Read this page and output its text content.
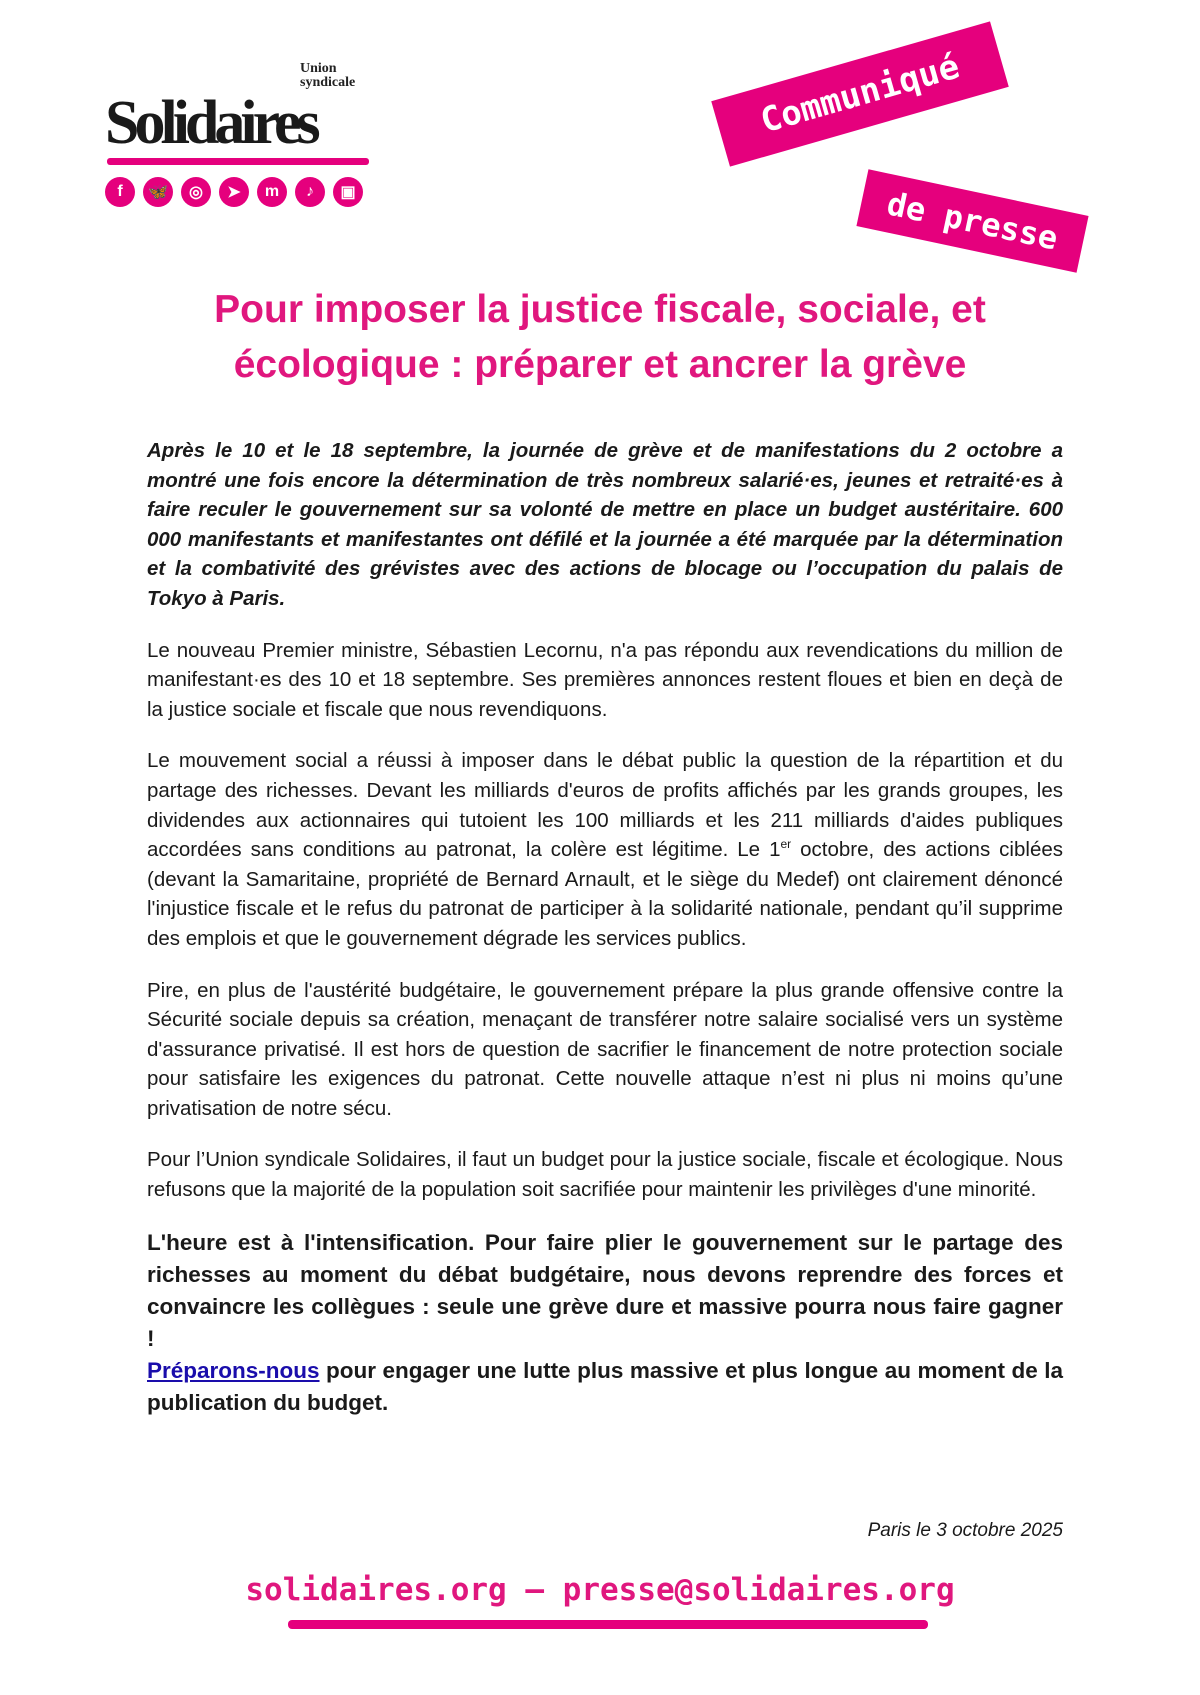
Union
syndicale
Solidaires
f	🦋	◎	➤	m	♪	▣
Communiqué
de presse
Pour imposer la justice fiscale, sociale, et
écologique : préparer et ancrer la grève

Après le 10 et le 18 septembre, la journée de grève et de manifestations du 2 octobre a montré une fois encore la détermination de très nombreux salarié·es, jeunes et retraité·es à faire reculer le gouvernement sur sa volonté de mettre en place un budget austéritaire. 600 000 manifestants et manifestantes ont défilé et la journée a été marquée par la détermination et la combativité des grévistes avec des actions de blocage ou l’occupation du palais de Tokyo à Paris.

Le nouveau Premier ministre, Sébastien Lecornu, n'a pas répondu aux revendications du million de manifestant·es des 10 et 18 septembre. Ses premières annonces restent floues et bien en deçà de la justice sociale et fiscale que nous revendiquons.

Le mouvement social a réussi à imposer dans le débat public la question de la répartition et du partage des richesses. Devant les milliards d'euros de profits affichés par les grands groupes, les dividendes aux actionnaires qui tutoient les 100 milliards et les 211 milliards d'aides publiques accordées sans conditions au patronat, la colère est légitime. Le 1er octobre, des actions ciblées (devant la Samaritaine, propriété de Bernard Arnault, et le siège du Medef) ont clairement dénoncé l'injustice fiscale et le refus du patronat de participer à la solidarité nationale, pendant qu’il supprime des emplois et que le gouvernement dégrade les services publics.

Pire, en plus de l'austérité budgétaire, le gouvernement prépare la plus grande offensive contre la Sécurité sociale depuis sa création, menaçant de transférer notre salaire socialisé vers un système d'assurance privatisé. Il est hors de question de sacrifier le financement de notre protection sociale pour satisfaire les exigences du patronat. Cette nouvelle attaque n’est ni plus ni moins qu’une privatisation de notre sécu.

Pour l’Union syndicale Solidaires, il faut un budget pour la justice sociale, fiscale et écologique. Nous refusons que la majorité de la population soit sacrifiée pour maintenir les privilèges d'une minorité.

L'heure est à l'intensification. Pour faire plier le gouvernement sur le partage des richesses au moment du débat budgétaire, nous devons reprendre des forces et convaincre les collègues : seule une grève dure et massive pourra nous faire gagner !

Préparons-nous pour engager une lutte plus massive et plus longue au moment de la publication du budget.

Paris le 3 octobre 2025
solidaires.org — presse@solidaires.org
